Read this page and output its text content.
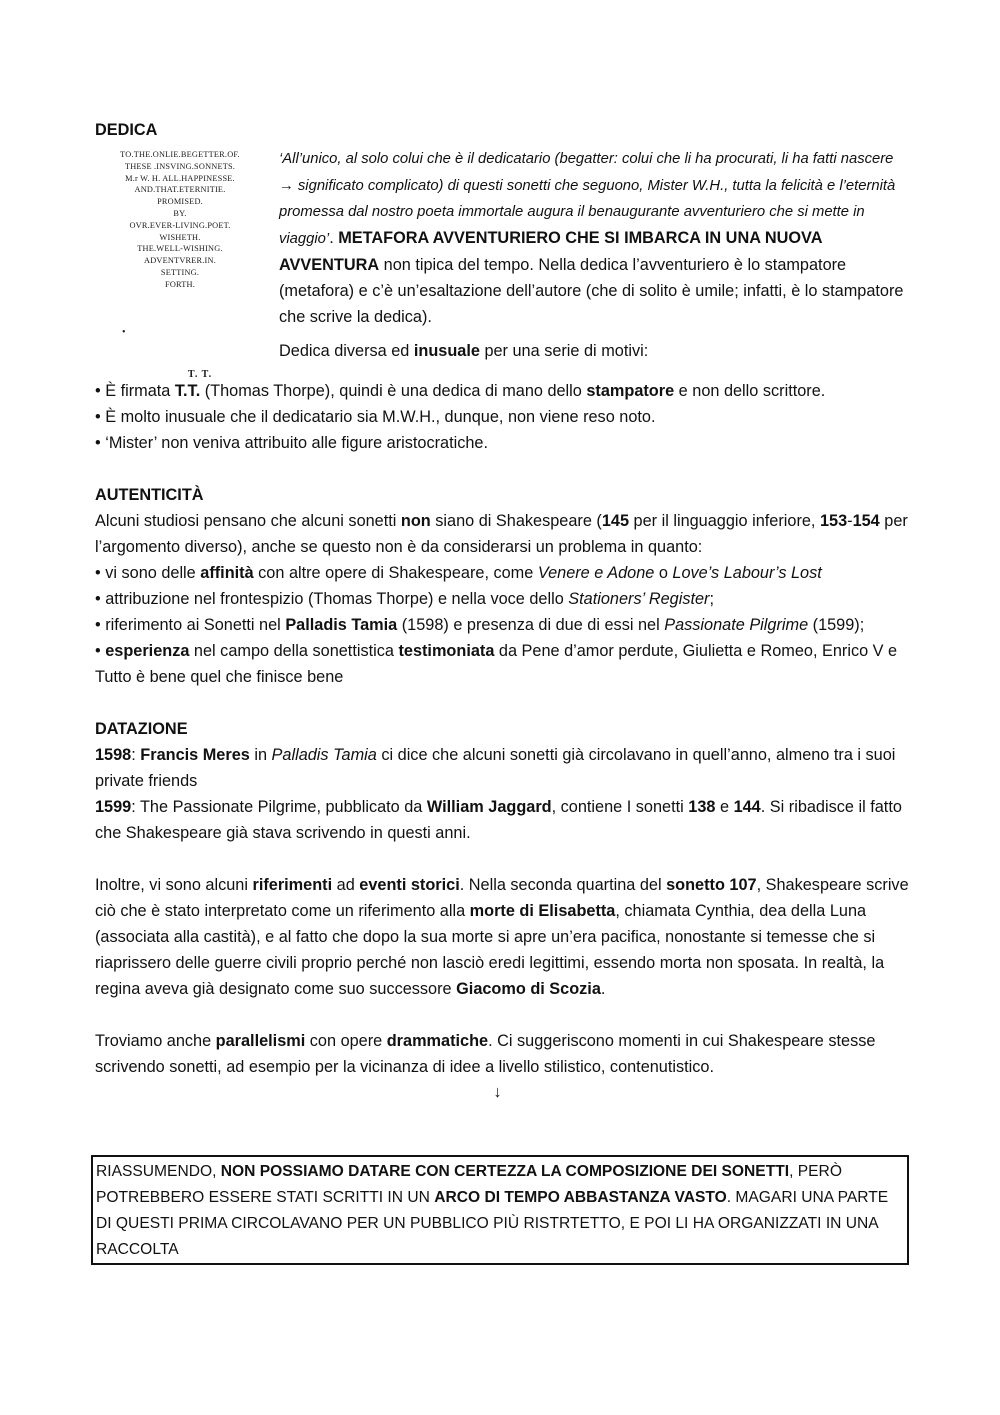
DEDICA

TO.THE.ONLIE.BEGETTER.OF.
THESE .INSVING.SONNETS.
M.r W. H. ALL.HAPPINESSE.
AND.THAT.ETERNITIE.
PROMISED.
BY.
OVR.EVER-LIVING.POET.
WISHETH.
THE.WELL-WISHING.
ADVENTVRER.IN.
SETTING.
FORTH.
•
T. T.

‘All’unico, al solo colui che è il dedicatario (begatter: colui che li ha procurati, li ha fatti nascere → significato complicato) di questi sonetti che seguono, Mister W.H., tutta la felicità e l’eternità promessa dal nostro poeta immortale augura il benaugurante avventuriero che si mette in viaggio’

. METAFORA AVVENTURIERO CHE SI IMBARCA IN UNA NUOVA AVVENTURA non tipica del tempo. Nella dedica l’avventuriero è lo stampatore (metafora) e c’è un’esaltazione dell’autore (che di solito è umile; infatti, è lo stampatore che scrive la dedica).

Dedica diversa ed inusuale per una serie di motivi:

• È firmata T.T. (Thomas Thorpe), quindi è una dedica di mano dello stampatore e non dello scrittore.

• È molto inusuale che il dedicatario sia M.W.H., dunque, non viene reso noto.

• ‘Mister’ non veniva attribuito alle figure aristocratiche.

AUTENTICITÀ

Alcuni studiosi pensano che alcuni sonetti non siano di Shakespeare (145 per il linguaggio inferiore, 153-154 per l’argomento diverso), anche se questo non è da considerarsi un problema in quanto:

• vi sono delle affinità con altre opere di Shakespeare, come Venere e Adone o Love’s Labour’s Lost

• attribuzione nel frontespizio (Thomas Thorpe) e nella voce dello Stationers’ Register;

• riferimento ai Sonetti nel Palladis Tamia (1598) e presenza di due di essi nel Passionate Pilgrime (1599);

• esperienza nel campo della sonettistica testimoniata da Pene d’amor perdute, Giulietta e Romeo, Enrico V e Tutto è bene quel che finisce bene

DATAZIONE

1598: Francis Meres in Palladis Tamia ci dice che alcuni sonetti già circolavano in quell’anno, almeno tra i suoi private friends

1599: The Passionate Pilgrime, pubblicato da William Jaggard, contiene I sonetti 138 e 144. Si ribadisce il fatto che Shakespeare già stava scrivendo in questi anni.

Inoltre, vi sono alcuni riferimenti ad eventi storici. Nella seconda quartina del sonetto 107, Shakespeare scrive ciò che è stato interpretato come un riferimento alla morte di Elisabetta, chiamata Cynthia, dea della Luna (associata alla castità), e al fatto che dopo la sua morte si apre un’era pacifica, nonostante si temesse che si riaprissero delle guerre civili proprio perché non lasciò eredi legittimi, essendo morta non sposata. In realtà, la regina aveva già designato come suo successore Giacomo di Scozia.

Troviamo anche parallelismi con opere drammatiche. Ci suggeriscono momenti in cui Shakespeare stesse scrivendo sonetti, ad esempio per la vicinanza di idee a livello stilistico, contenutistico.

↓
RIASSUMENDO, NON POSSIAMO DATARE CON CERTEZZA LA COMPOSIZIONE DEI SONETTI, PERÒ POTREBBERO ESSERE STATI SCRITTI IN UN ARCO DI TEMPO ABBASTANZA VASTO. MAGARI UNA PARTE DI QUESTI PRIMA CIRCOLAVANO PER UN PUBBLICO PIÙ RISTRTETTO, E POI LI HA ORGANIZZATI IN UNA RACCOLTA
